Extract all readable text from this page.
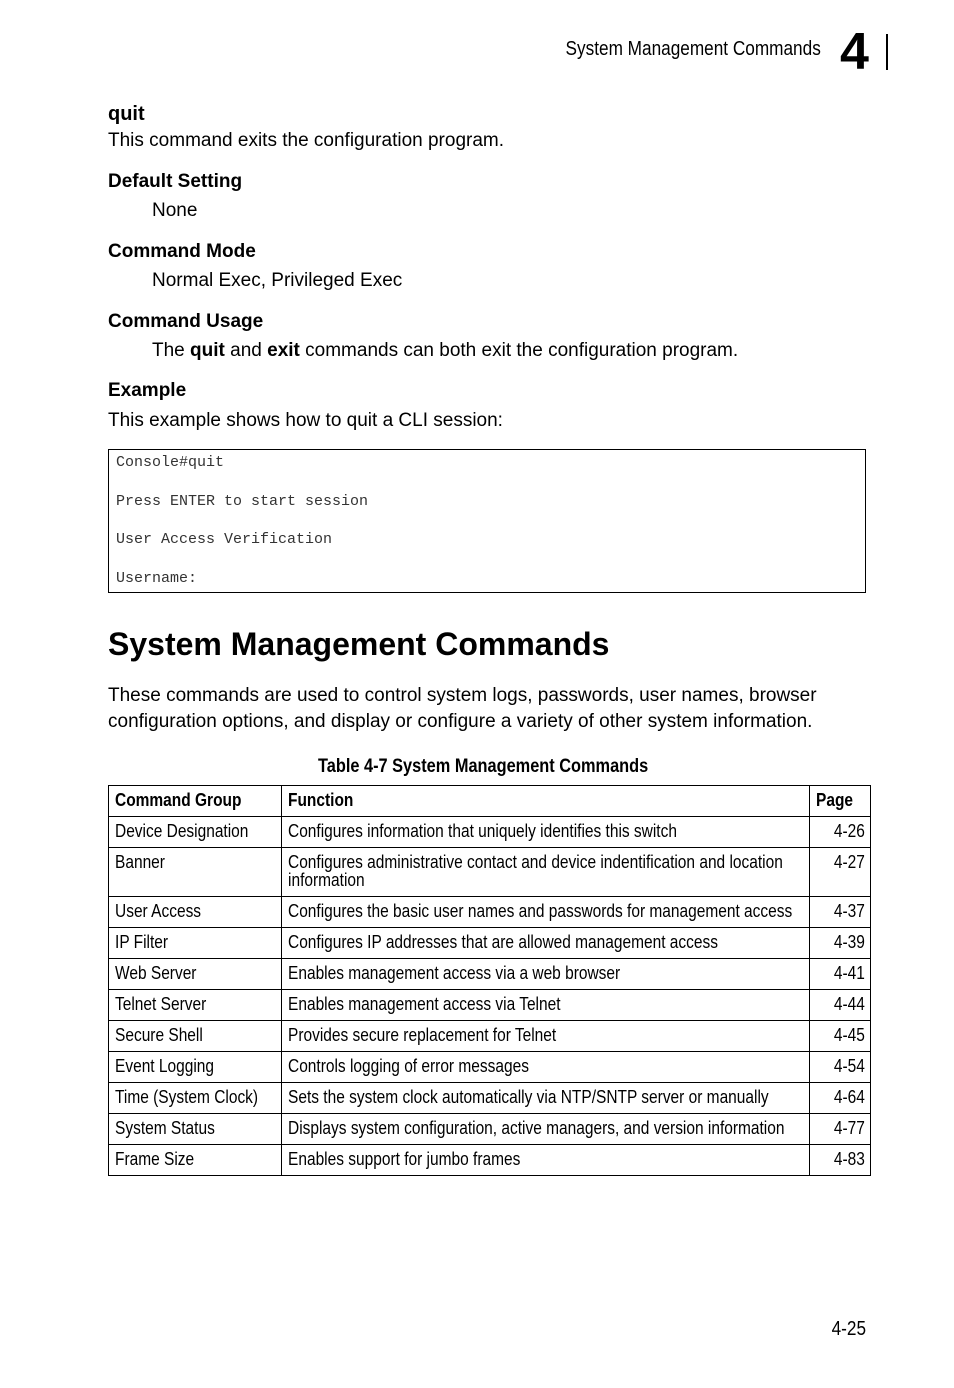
System Management Commands 4
quit
This command exits the configuration program.
Default Setting
None
Command Mode
Normal Exec, Privileged Exec
Command Usage
The quit and exit commands can both exit the configuration program.
Example
This example shows how to quit a CLI session:
Console#quit
Press ENTER to start session
User Access Verification
Username:
System Management Commands
These commands are used to control system logs, passwords, user names, browser
configuration options, and display or configure a variety of other system information.
Table 4-7 System Management Commands
Command Group	Function	Page

Device Designation	Configures information that uniquely identifies this switch	4-26

Banner	Configures administrative contact and device indentification and location information	4-27

User Access	Configures the basic user names and passwords for management access	4-37

IP Filter	Configures IP addresses that are allowed management access	4-39

Web Server	Enables management access via a web browser	4-41

Telnet Server	Enables management access via Telnet	4-44

Secure Shell	Provides secure replacement for Telnet	4-45

Event Logging	Controls logging of error messages	4-54

Time (System Clock)	Sets the system clock automatically via NTP/SNTP server or manually	4-64

System Status	Displays system configuration, active managers, and version information	4-77

Frame Size	Enables support for jumbo frames	4-83
4-25
